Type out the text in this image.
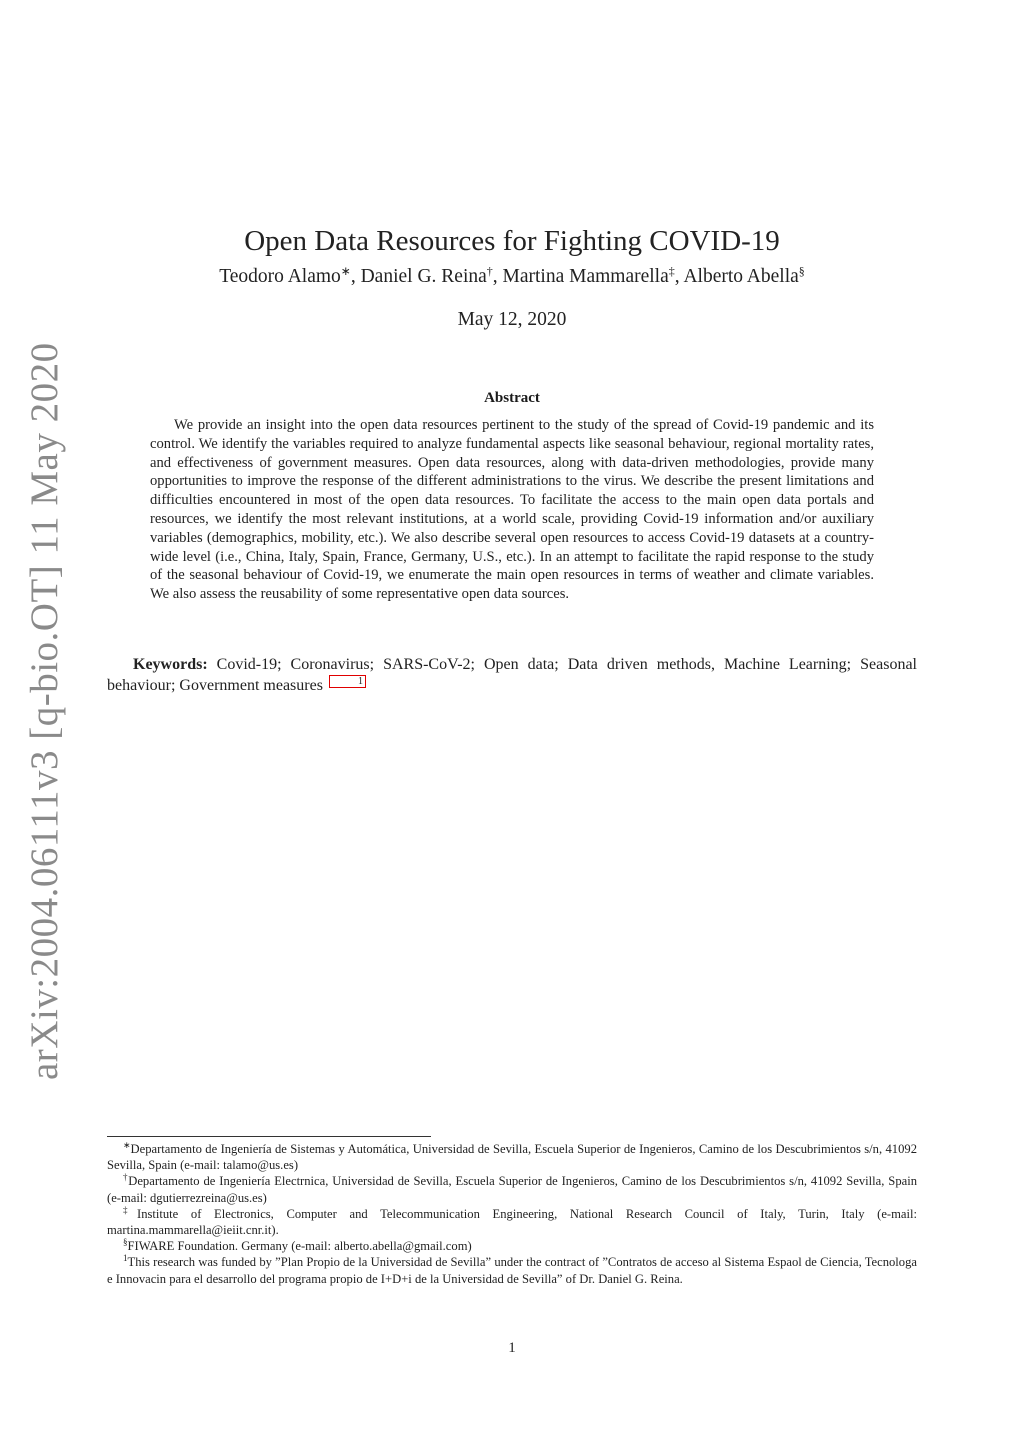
arXiv:2004.06111v3 [q-bio.OT] 11 May 2020
Open Data Resources for Fighting COVID-19
Teodoro Alamo∗, Daniel G. Reina†, Martina Mammarella‡, Alberto Abella§
May 12, 2020
Abstract

We provide an insight into the open data resources pertinent to the study of the spread of Covid-19 pandemic and its control. We identify the variables required to analyze fundamental aspects like seasonal behaviour, regional mortality rates, and effectiveness of government measures. Open data resources, along with data-driven methodologies, provide many opportunities to improve the response of the different administrations to the virus. We describe the present limitations and difficulties encountered in most of the open data resources. To facilitate the access to the main open data portals and resources, we identify the most relevant institutions, at a world scale, providing Covid-19 information and/or auxiliary variables (demographics, mobility, etc.). We also describe several open resources to access Covid-19 datasets at a country-wide level (i.e., China, Italy, Spain, France, Germany, U.S., etc.). In an attempt to facilitate the rapid response to the study of the seasonal behaviour of Covid-19, we enumerate the main open resources in terms of weather and climate variables. We also assess the reusability of some representative open data sources.

Keywords: Covid-19; Coronavirus; SARS-CoV-2; Open data; Data driven methods, Machine Learning; Seasonal behaviour; Government measures	1

∗Departamento de Ingeniería de Sistemas y Automática, Universidad de Sevilla, Escuela Superior de Ingenieros, Camino de los Descubrimientos s/n, 41092 Sevilla, Spain (e-mail: talamo@us.es)

†Departamento de Ingeniería Electrnica, Universidad de Sevilla, Escuela Superior de Ingenieros, Camino de los Descubrimientos s/n, 41092 Sevilla, Spain (e-mail: dgutierrezreina@us.es)

‡Institute of Electronics, Computer and Telecommunication Engineering, National Research Council of Italy, Turin, Italy (e-mail: martina.mammarella@ieiit.cnr.it).

§FIWARE Foundation. Germany (e-mail: alberto.abella@gmail.com)

$^1$This research was funded by ”Plan Propio de la Universidad de Sevilla” under the contract of ”Contratos de acceso al Sistema Espaol de Ciencia, Tecnologa e Innovacin para el desarrollo del programa propio de I+D+i de la Universidad de Sevilla” of Dr. Daniel G. Reina.

1
